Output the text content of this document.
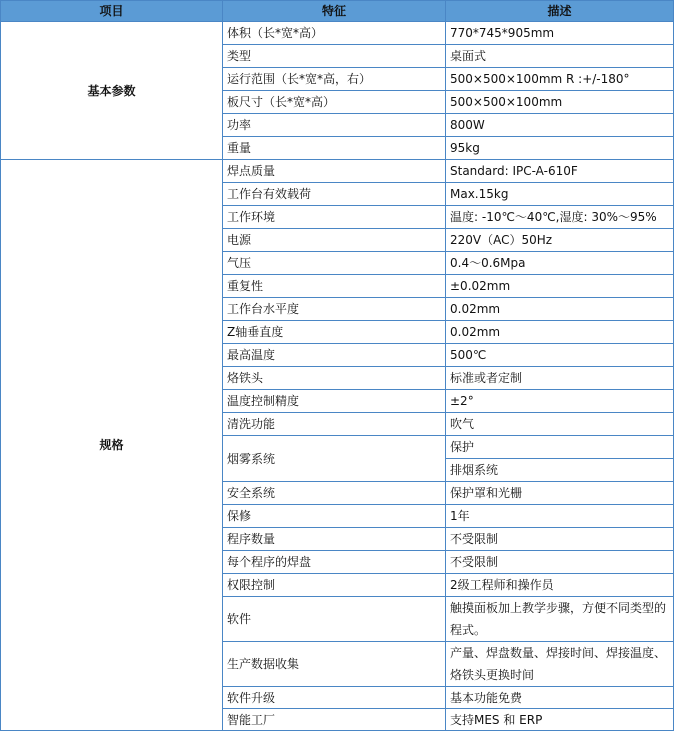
项目	特征	描述
基本参数	体积（长*宽*高）	770*745*905mm
	类型	桌面式
	运行范围（长*宽*高，右）	500×500×100mm R :+/-180°
	板尺寸（长*宽*高）	500×500×100mm
	功率	800W
	重量	95kg
规格	焊点质量	Standard: IPC-A-610F
	工作台有效载荷	Max.15kg
	工作环境	温度: -10℃～40℃,湿度: 30%～95%
	电源	220V（AC）50Hz
	气压	0.4～0.6Mpa
	重复性	±0.02mm
	工作台水平度	0.02mm
	Z轴垂直度	0.02mm
	最高温度	500℃
	烙铁头	标准或者定制
	温度控制精度	±2°
	清洗功能	吹气
	烟雾系统	保护
		排烟系统
	安全系统	保护罩和光栅
	保修	1年
	程序数量	不受限制
	每个程序的焊盘	不受限制
	权限控制	2级工程师和操作员
	软件	触摸面板加上教学步骤，方便不同类型的程式。
	生产数据收集	产量、焊盘数量、焊接时间、焊接温度、烙铁头更换时间
	软件升级	基本功能免费
	智能工厂	支持MES 和 ERP
